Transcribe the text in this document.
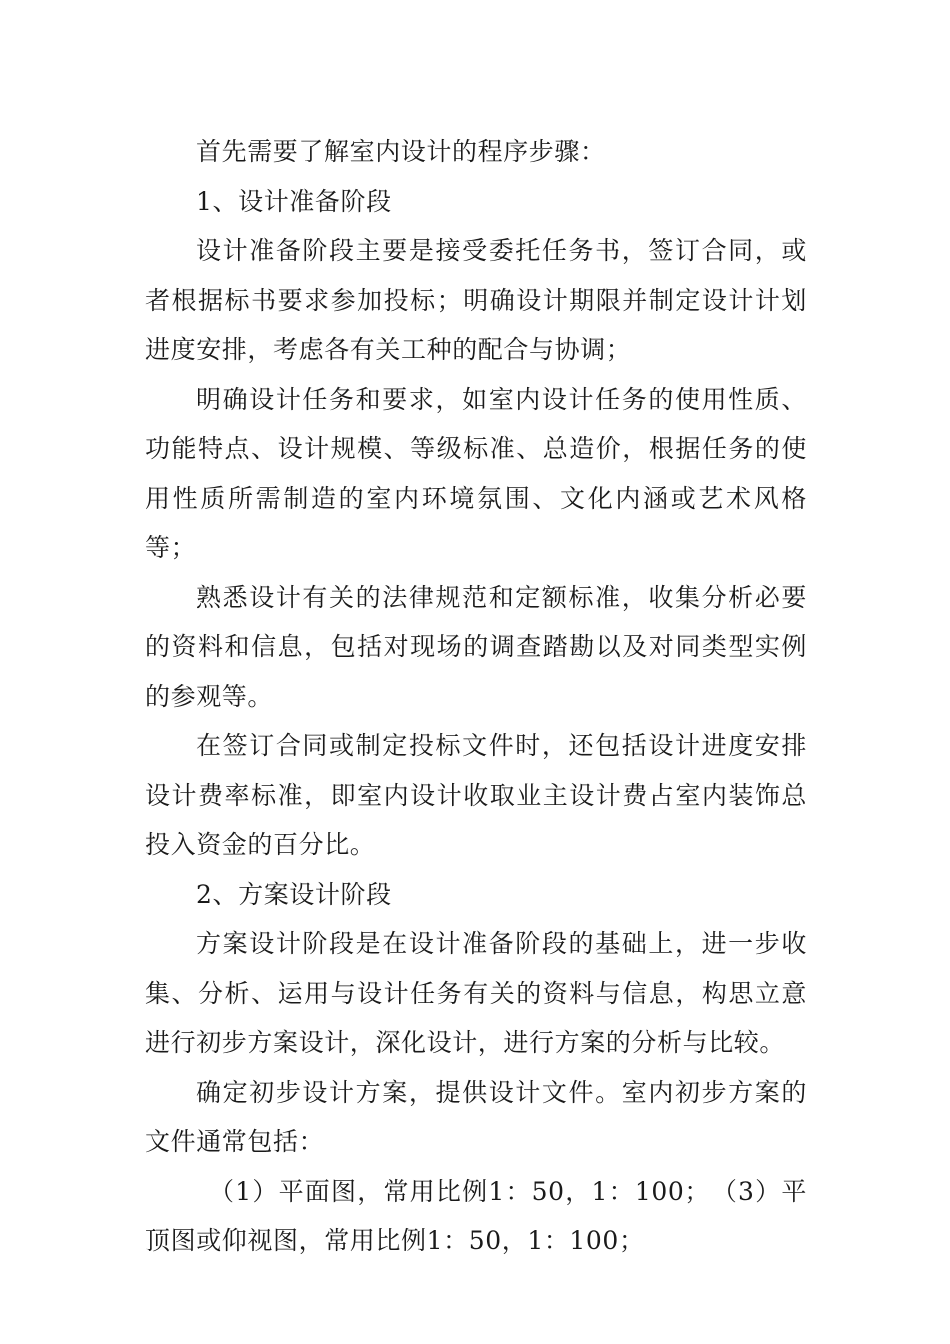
首先需要了解室内设计的程序步骤：

1、设计准备阶段

设计准备阶段主要是接受委托任务书，签订合同，或者根据标书要求参加投标；明确设计期限并制定设计计划进度安排，考虑各有关工种的配合与协调；

明确设计任务和要求，如室内设计任务的使用性质、功能特点、设计规模、等级标准、总造价，根据任务的使用性质所需制造的室内环境氛围、文化内涵或艺术风格等；

熟悉设计有关的法律规范和定额标准，收集分析必要的资料和信息，包括对现场的调查踏勘以及对同类型实例的参观等。

在签订合同或制定投标文件时，还包括设计进度安排设计费率标准，即室内设计收取业主设计费占室内装饰总投入资金的百分比。

2、方案设计阶段

方案设计阶段是在设计准备阶段的基础上，进一步收集、分析、运用与设计任务有关的资料与信息，构思立意进行初步方案设计，深化设计，进行方案的分析与比较。

确定初步设计方案，提供设计文件。室内初步方案的文件通常包括：

（1）平面图，常用比例1：50，1：100；　（3）平顶图或仰视图，常用比例1：50，1：100；
